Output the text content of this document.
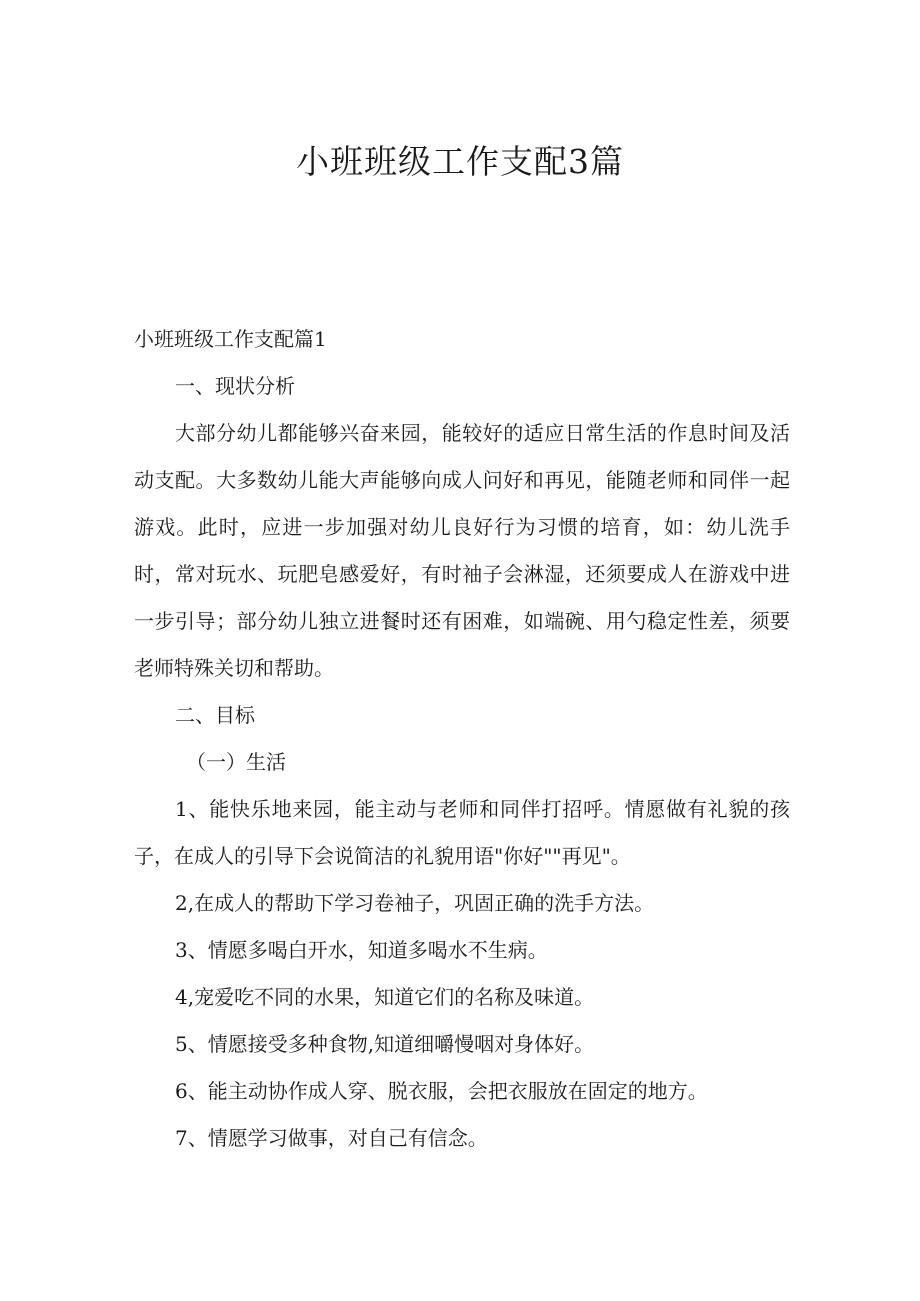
小班班级工作支配3篇

小班班级工作支配篇1

一、现状分析

大部分幼儿都能够兴奋来园，能较好的适应日常生活的作息时间及活动支配。大多数幼儿能大声能够向成人问好和再见，能随老师和同伴一起游戏。此时，应进一步加强对幼儿良好行为习惯的培育，如：幼儿洗手时，常对玩水、玩肥皂感爱好，有时袖子会淋湿，还须要成人在游戏中进一步引导；部分幼儿独立进餐时还有困难，如端碗、用勺稳定性差，须要老师特殊关切和帮助。

二、目标

（一）生活

1、能快乐地来园，能主动与老师和同伴打招呼。情愿做有礼貌的孩子，在成人的引导下会说简洁的礼貌用语"你好""再见"。

2,在成人的帮助下学习卷袖子，巩固正确的洗手方法。

3、情愿多喝白开水，知道多喝水不生病。

4,宠爱吃不同的水果，知道它们的名称及味道。

5、情愿接受多种食物,知道细嚼慢咽对身体好。

6、能主动协作成人穿、脱衣服，会把衣服放在固定的地方。

7、情愿学习做事，对自己有信念。
